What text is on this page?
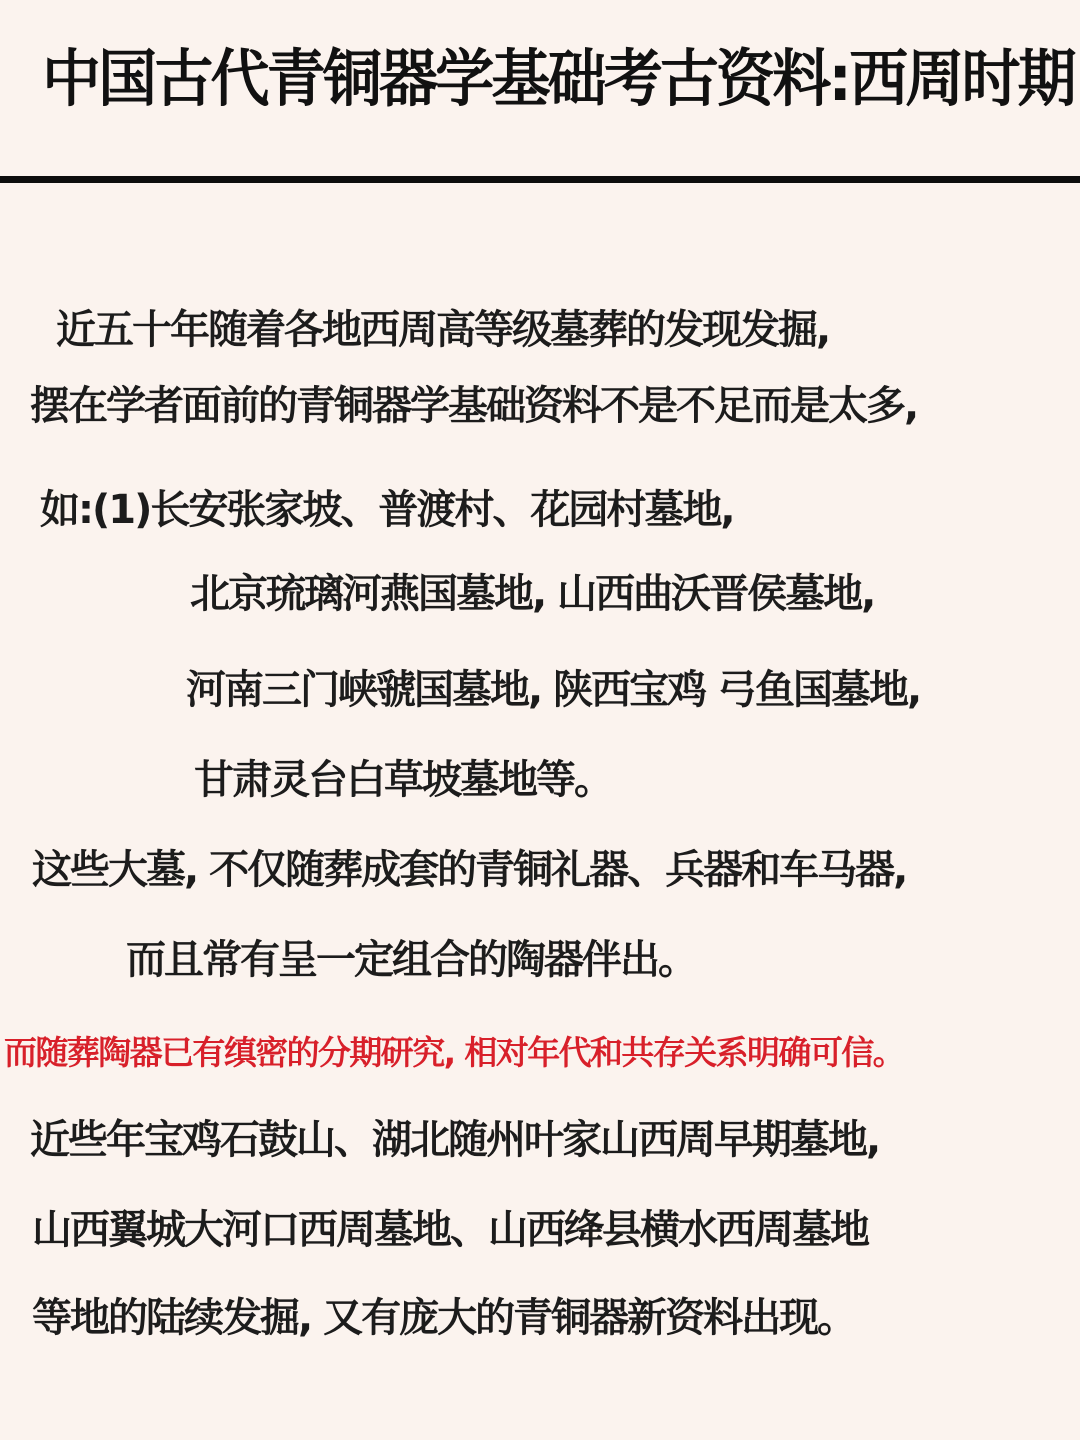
中国古代青铜器学基础考古资料:西周时期
近五十年随着各地西周高等级墓葬的发现发掘,
摆在学者面前的青铜器学基础资料不是不足而是太多,
如:(1)长安张家坡、普渡村、花园村墓地,
北京琉璃河燕国墓地, 山西曲沃晋侯墓地,
河南三门峡虢国墓地, 陕西宝鸡 弓鱼国墓地,
甘肃灵台白草坡墓地等。
这些大墓, 不仅随葬成套的青铜礼器、兵器和车马器,
而且常有呈一定组合的陶器伴出。
而随葬陶器已有缜密的分期研究, 相对年代和共存关系明确可信。
近些年宝鸡石鼓山、湖北随州叶家山西周早期墓地,
山西翼城大河口西周墓地、山西绛县横水西周墓地
等地的陆续发掘, 又有庞大的青铜器新资料出现。
